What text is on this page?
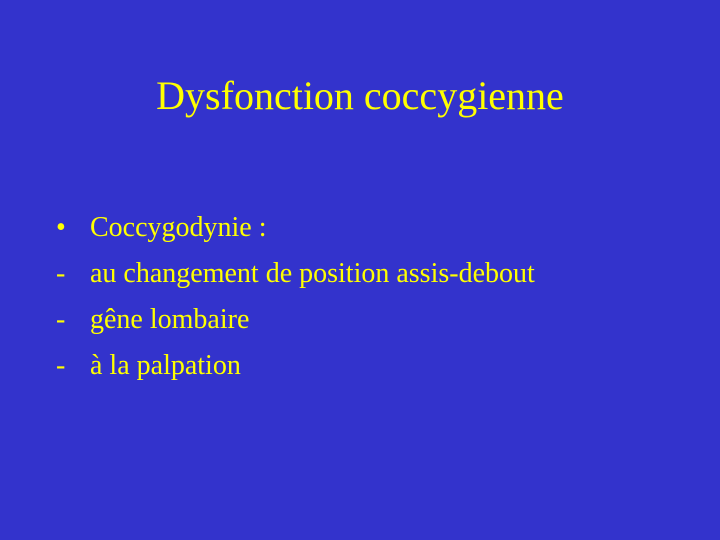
Dysfonction coccygienne
• Coccygodynie :
- au changement de position assis-debout
- gêne lombaire
- à la palpation
